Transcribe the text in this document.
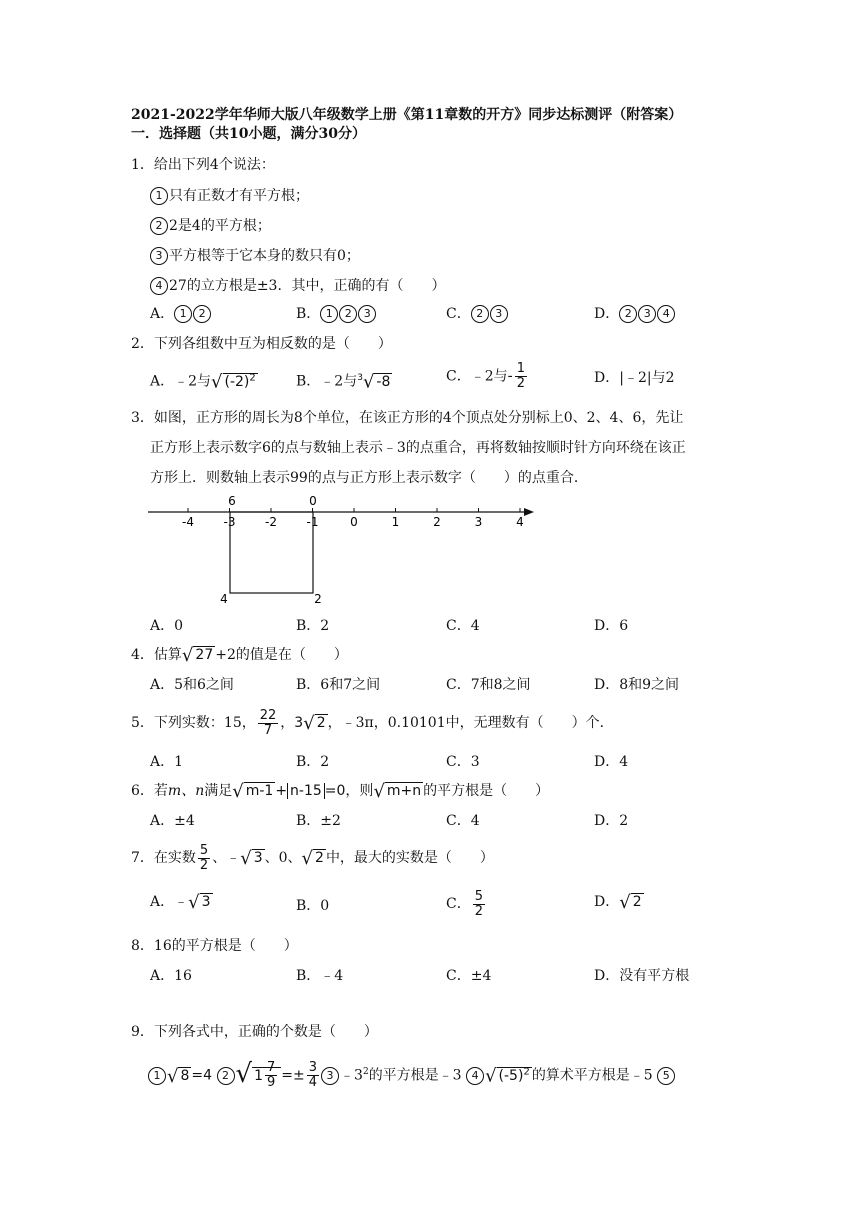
2021-2022学年华师大版八年级数学上册《第11章数的开方》同步达标测评（附答案）
一．选择题（共10小题，满分30分）
1．给出下列4个说法：
1 只有正数才有平方根；
2 2是4的平方根；
3 平方根等于它本身的数只有0；
4 27的立方根是±3．其中，正确的有（　　）
A． 1 2	B． 1 2 3	C． 2 3	D． 2 3 4
2．下列各组数中互为相反数的是（　　）
A．﹣2与√ $(-2)^2$	B．﹣2与$^3$√ -8	C．﹣2与- $\frac{1}{2}$	D．|﹣2|与2
3．如图，正方形的周长为8个单位，在该正方形的4个顶点处分别标上0、2、4、6，先让
正方形上表示数字6的点与数轴上表示﹣3的点重合，再将数轴按顺时针方向环绕在该正
方形上．则数轴上表示99的点与正方形上表示数字（　　）的点重合．
-4 -3 -2 -1	0	1	2	3	4
6	0
4	2
A．0	B．2	C．4	D．6
4．估算√ 27 +2的值是在（　　）
A．5和6之间	B．6和7之间	C．7和8之间	D．8和9之间
5．下列实数：15， $\frac{22}{7}$ ，3√ 2 ，﹣3π，0.10101中，无理数有（　　）个．
A．1	B．2	C．3	D．4
6．若m、n满足√ m-1 + n-15 =0，则√ m+n 的平方根是（　　）
A．±4	B．±2	C．4	D．2
7．在实数 $\frac{5}{2}$ 、﹣√ 3 、0、√ 2 中，最大的实数是（　　）
A．﹣√ 3	B．0	C． $\frac{5}{2}$	D．√ 2
8．16的平方根是（　　）
A．16	B．﹣4	C．±4	D．没有平方根
9．下列各式中，正确的个数是（　　）
1 √ 8 =4 2 √ $1 \frac{7}{9} =\pm \frac{3}{4} 3$ $﹣3^2$的平方根是﹣3 4 √ $(-5)^2$ 的算术平方根是﹣5 5
